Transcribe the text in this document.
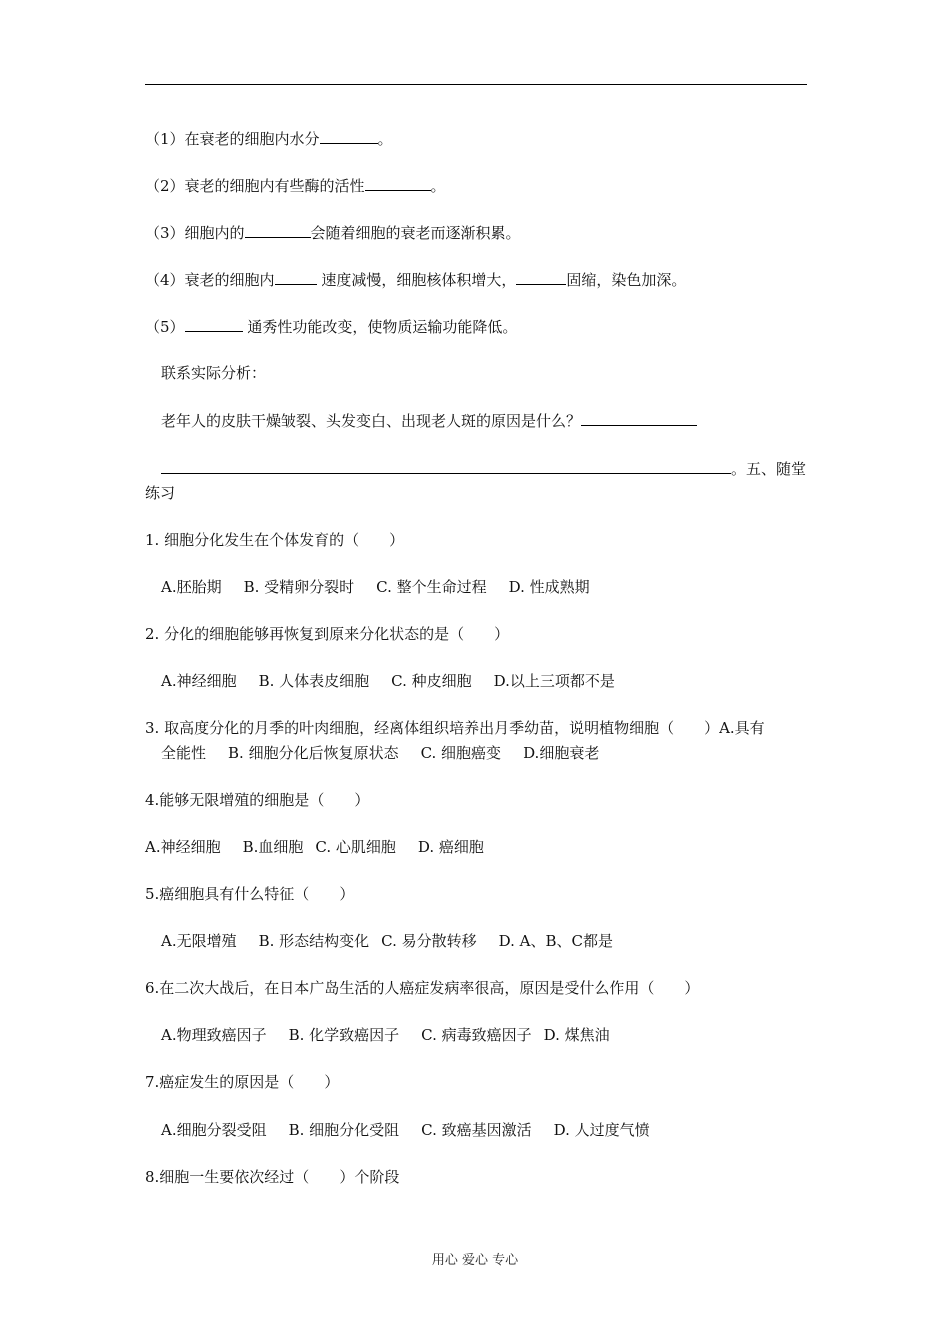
（1）在衰老的细胞内水分	。
（2）衰老的细胞内有些酶的活性	。
（3）细胞内的	会随着细胞的衰老而逐渐积累。
（4）衰老的细胞内	速度减慢，细胞核体积增大，	固缩，染色加深。
（5）	通秀性功能改变，使物质运输功能降低。
联系实际分析：
老年人的皮肤干燥皱裂、头发变白、出现老人斑的原因是什么？
。五、随堂
练习
1. 细胞分化发生在个体发育的（　　）
A.胚胎期 B. 受精卵分裂时 C. 整个生命过程 D. 性成熟期
2. 分化的细胞能够再恢复到原来分化状态的是（　　）
A.神经细胞 B. 人体表皮细胞 C. 种皮细胞 D.以上三项都不是
3. 取高度分化的月季的叶肉细胞，经离体组织培养出月季幼苗，说明植物细胞（　　）A.具有
全能性 B. 细胞分化后恢复原状态 C. 细胞癌变 D.细胞衰老
4.能够无限增殖的细胞是（　　）
A.神经细胞 B.血细胞 C. 心肌细胞 D. 癌细胞
5.癌细胞具有什么特征（　　）
A.无限增殖 B. 形态结构变化 C. 易分散转移 D. A、B、C都是
6.在二次大战后，在日本广岛生活的人癌症发病率很高，原因是受什么作用（　　）
A.物理致癌因子 B. 化学致癌因子 C. 病毒致癌因子 D. 煤焦油
7.癌症发生的原因是（　　）
A.细胞分裂受阻 B. 细胞分化受阻 C. 致癌基因激活 D. 人过度气愤
8.细胞一生要依次经过（　　）个阶段
用心 爱心 专心
